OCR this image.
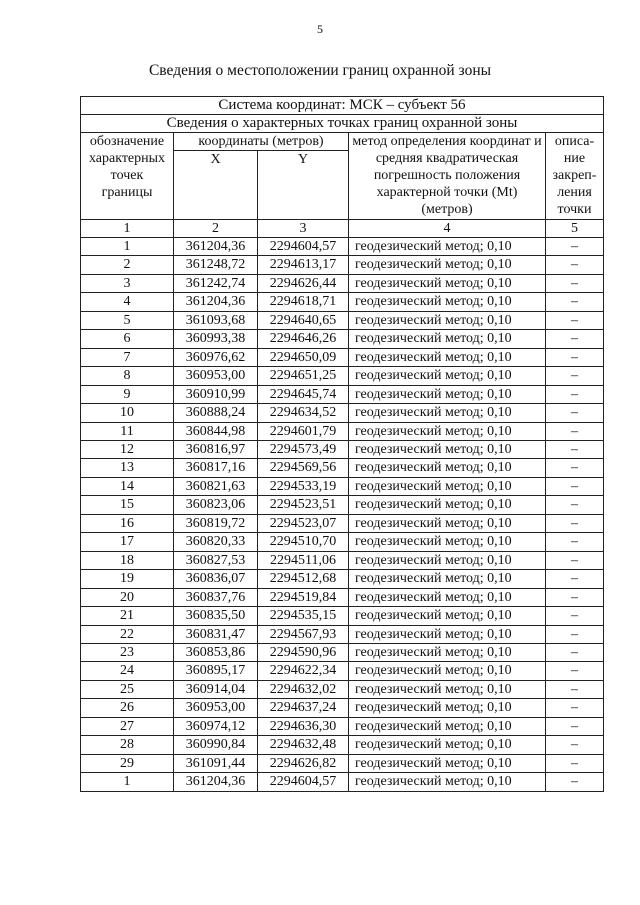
5
Сведения о местоположении границ охранной зоны
Система координат: МСК – субъект 56				
Сведения о характерных точках границ охранной зоны				
обозначение характерных точек границы	координаты (метров)		метод определения координат и средняя квадратическая погрешность положения характерной точки (Mt) (метров)	описа-ние закреп-ления точки
	X	Y		
1	2	3	4	5
1	361204,36	2294604,57	геодезический метод; 0,10	–
2	361248,72	2294613,17	геодезический метод; 0,10	–
3	361242,74	2294626,44	геодезический метод; 0,10	–
4	361204,36	2294618,71	геодезический метод; 0,10	–
5	361093,68	2294640,65	геодезический метод; 0,10	–
6	360993,38	2294646,26	геодезический метод; 0,10	–
7	360976,62	2294650,09	геодезический метод; 0,10	–
8	360953,00	2294651,25	геодезический метод; 0,10	–
9	360910,99	2294645,74	геодезический метод; 0,10	–
10	360888,24	2294634,52	геодезический метод; 0,10	–
11	360844,98	2294601,79	геодезический метод; 0,10	–
12	360816,97	2294573,49	геодезический метод; 0,10	–
13	360817,16	2294569,56	геодезический метод; 0,10	–
14	360821,63	2294533,19	геодезический метод; 0,10	–
15	360823,06	2294523,51	геодезический метод; 0,10	–
16	360819,72	2294523,07	геодезический метод; 0,10	–
17	360820,33	2294510,70	геодезический метод; 0,10	–
18	360827,53	2294511,06	геодезический метод; 0,10	–
19	360836,07	2294512,68	геодезический метод; 0,10	–
20	360837,76	2294519,84	геодезический метод; 0,10	–
21	360835,50	2294535,15	геодезический метод; 0,10	–
22	360831,47	2294567,93	геодезический метод; 0,10	–
23	360853,86	2294590,96	геодезический метод; 0,10	–
24	360895,17	2294622,34	геодезический метод; 0,10	–
25	360914,04	2294632,02	геодезический метод; 0,10	–
26	360953,00	2294637,24	геодезический метод; 0,10	–
27	360974,12	2294636,30	геодезический метод; 0,10	–
28	360990,84	2294632,48	геодезический метод; 0,10	–
29	361091,44	2294626,82	геодезический метод; 0,10	–
1	361204,36	2294604,57	геодезический метод; 0,10	–
